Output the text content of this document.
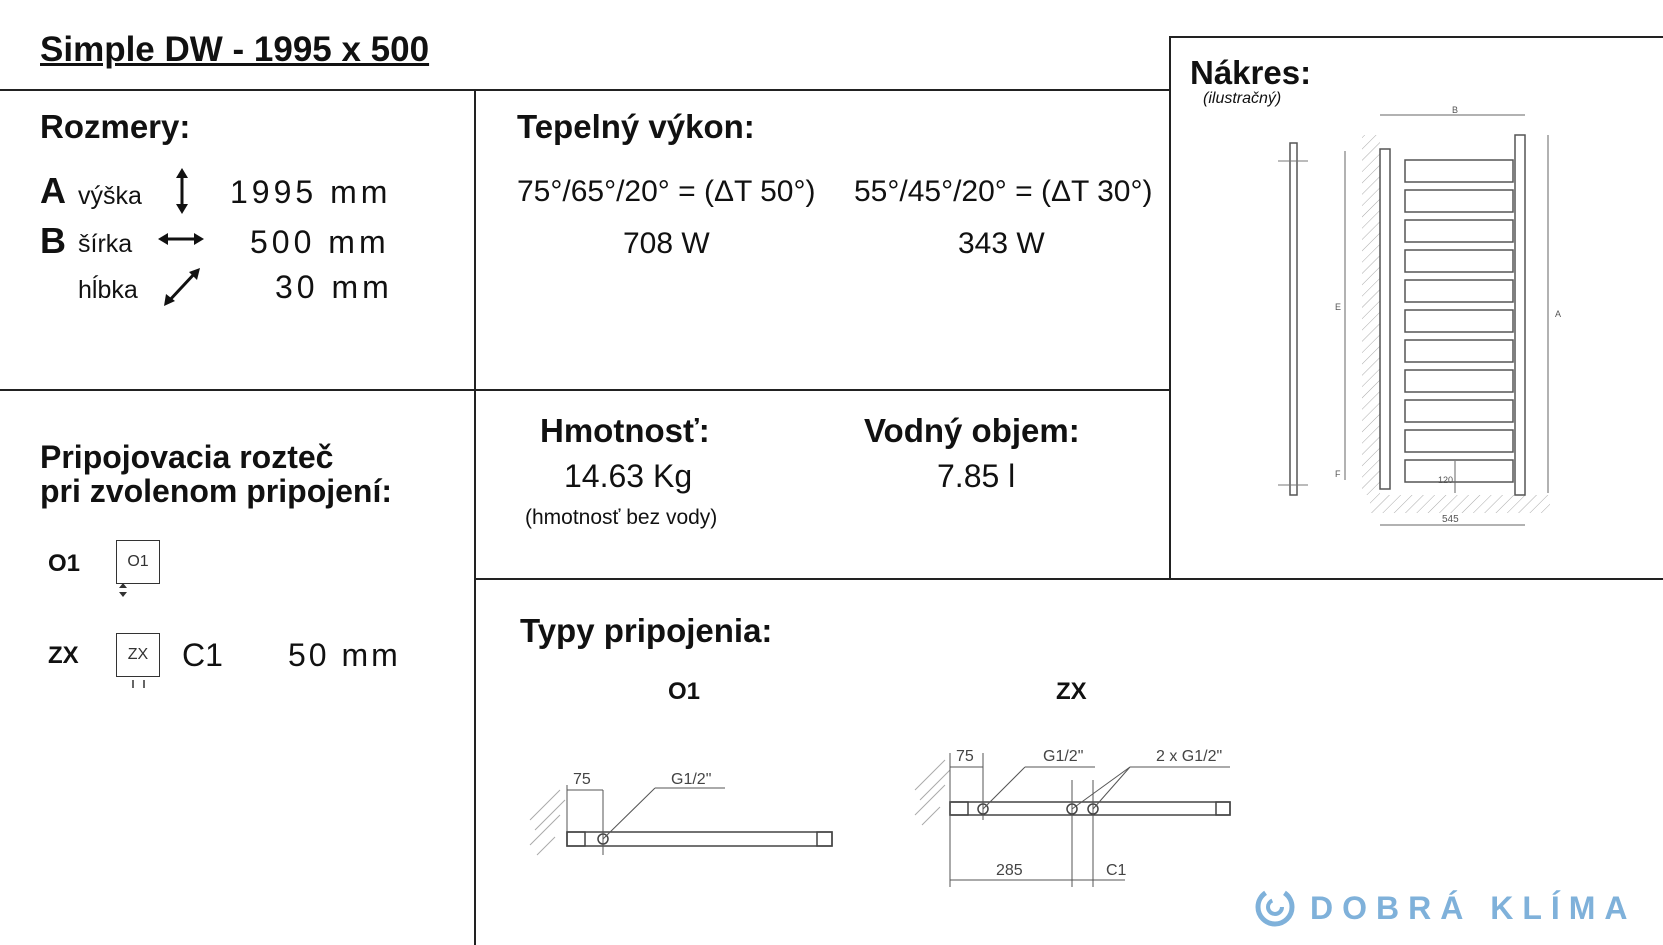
Simple DW - 1995 x 500
Rozmery:
A výška	1995 mm
B šírka	500 mm
hĺbka	30 mm
Tepelný výkon:
75°/65°/20° = (ΔT 50°)
708 W
55°/45°/20° = (ΔT 30°)
343 W
Hmotnosť:
14.63 Kg
(hmotnosť bez vody)
Vodný objem:
7.85 l
Nákres:
(ilustračný)
B
E
F
A
120
545
Pripojovacia rozteč
pri zvolenom pripojení:
O1	O1
ZX	ZX C1 50 mm
Typy pripojenia:
O1	ZX
75	G1/2"
75	G1/2"	2 x G1/2"
285	C1
DOBRÁ KLÍMA
